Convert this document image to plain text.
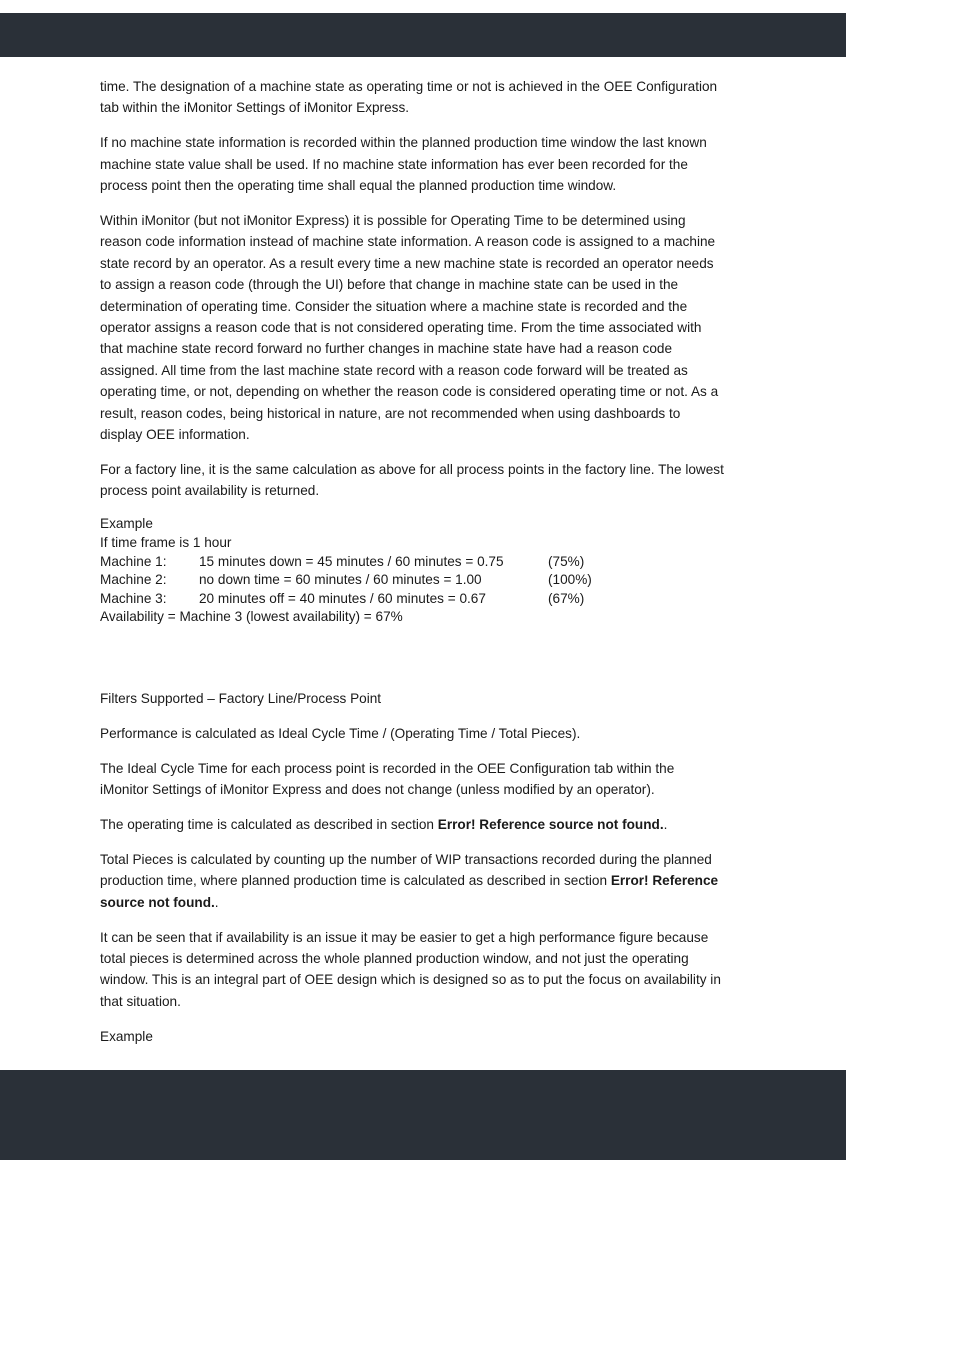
time. The designation of a machine state as operating time or not is achieved in the OEE Configuration tab within the iMonitor Settings of iMonitor Express.

If no machine state information is recorded within the planned production time window the last known machine state value shall be used. If no machine state information has ever been recorded for the process point then the operating time shall equal the planned production time window.

Within iMonitor (but not iMonitor Express) it is possible for Operating Time to be determined using reason code information instead of machine state information. A reason code is assigned to a machine state record by an operator. As a result every time a new machine state is recorded an operator needs to assign a reason code (through the UI) before that change in machine state can be used in the determination of operating time. Consider the situation where a machine state is recorded and the operator assigns a reason code that is not considered operating time. From the time associated with that machine state record forward no further changes in machine state have had a reason code assigned. All time from the last machine state record with a reason code forward will be treated as operating time, or not, depending on whether the reason code is considered operating time or not. As a result, reason codes, being historical in nature, are not recommended when using dashboards to display OEE information.

For a factory line, it is the same calculation as above for all process points in the factory line. The lowest process point availability is returned.

Example
If time frame is 1 hour
Machine 1:	15 minutes down = 45 minutes / 60 minutes = 0.75	(75%)
Machine 2:	no down time = 60 minutes / 60 minutes = 1.00	(100%)
Machine 3:	20 minutes off = 40 minutes / 60 minutes = 0.67	(67%)
Availability = Machine 3 (lowest availability) = 67%

Filters Supported – Factory Line/Process Point

Performance is calculated as Ideal Cycle Time / (Operating Time / Total Pieces).

The Ideal Cycle Time for each process point is recorded in the OEE Configuration tab within the iMonitor Settings of iMonitor Express and does not change (unless modified by an operator).

The operating time is calculated as described in section Error! Reference source not found..

Total Pieces is calculated by counting up the number of WIP transactions recorded during the planned production time, where planned production time is calculated as described in section Error! Reference source not found..

It can be seen that if availability is an issue it may be easier to get a high performance figure because total pieces is determined across the whole planned production window, and not just the operating window. This is an integral part of OEE design which is designed so as to put the focus on availability in that situation.

Example
